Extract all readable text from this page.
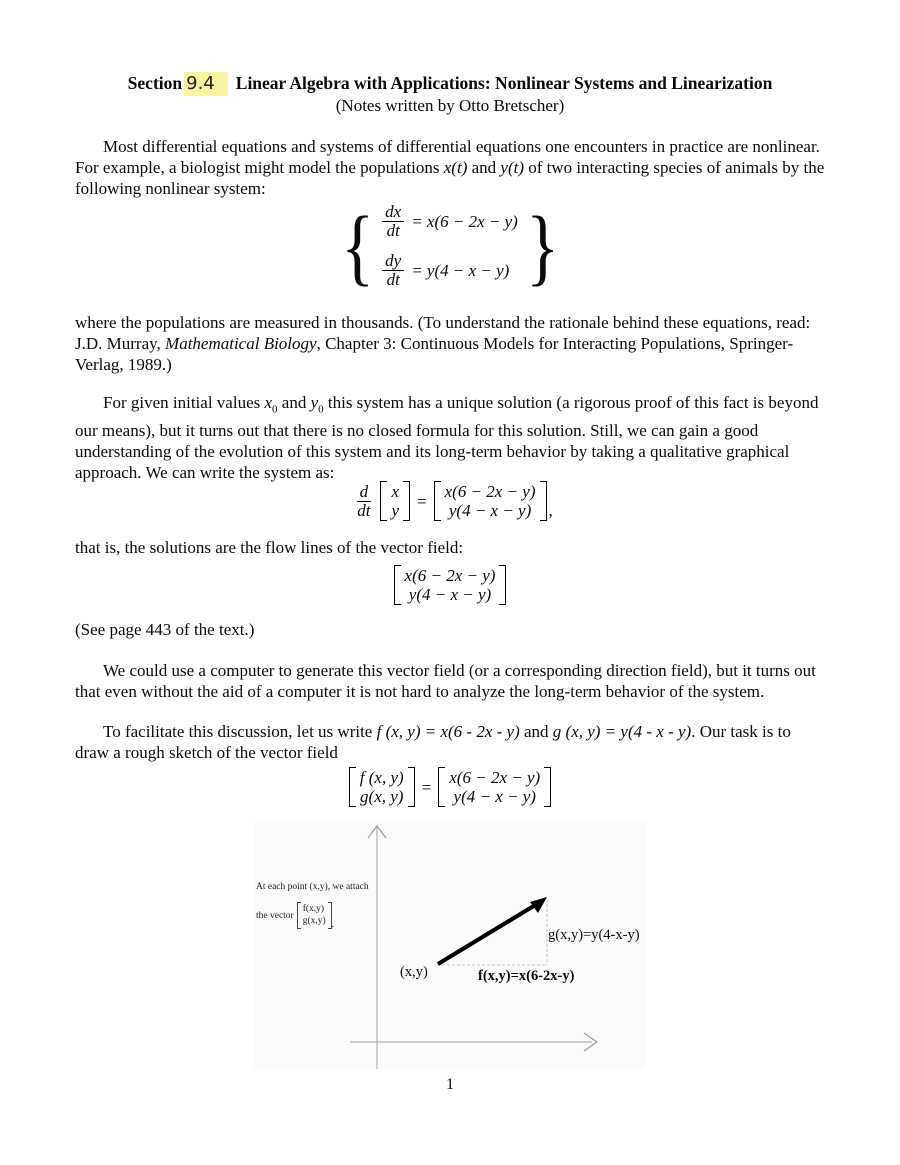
Section 9.4 Linear Algebra with Applications: Nonlinear Systems and Linearization
(Notes written by Otto Bretscher)
Most differential equations and systems of differential equations one encounters in practice are nonlinear. For example, a biologist might model the populations x(t) and y(t) of two interacting species of animals by the following nonlinear system:
{ $\frac{dx}{dt} = x(6 - 2x - y)$
$\frac{dy}{dt} = y(4 - x - y)$ }
where the populations are measured in thousands. (To understand the rationale behind these equations, read: J.D. Murray, Mathematical Biology, Chapter 3: Continuous Models for Interacting Populations, Springer-Verlag, 1989.)
For given initial values $x_0$ and $y_0$ this system has a unique solution (a rigorous proof of this fact is beyond our means), but it turns out that there is no closed formula for this solution. Still, we can gain a good understanding of the evolution of this system and its long-term behavior by taking a qualitative graphical approach. We can write the system as:
$\frac{d}{dt}$ x
y = x(6 − 2x − y)
y(4 − x − y) ,
that is, the solutions are the flow lines of the vector field:
x(6 − 2x − y)
y(4 − x − y)
(See page 443 of the text.)
We could use a computer to generate this vector field (or a corresponding direction field), but it turns out that even without the aid of a computer it is not hard to analyze the long-term behavior of the system.
To facilitate this discussion, let us write f (x, y) = x(6 - 2x - y) and g (x, y) = y(4 - x - y). Our task is to draw a rough sketch of the vector field
f (x, y)
g(x, y) = x(6 − 2x − y)
y(4 − x − y)
At each point (x,y), we attach
the vector
f(x,y)
g(x,y) .
(x,y)	f(x,y)=x(6-2x-y)
g(x,y)=y(4-x-y)
1
